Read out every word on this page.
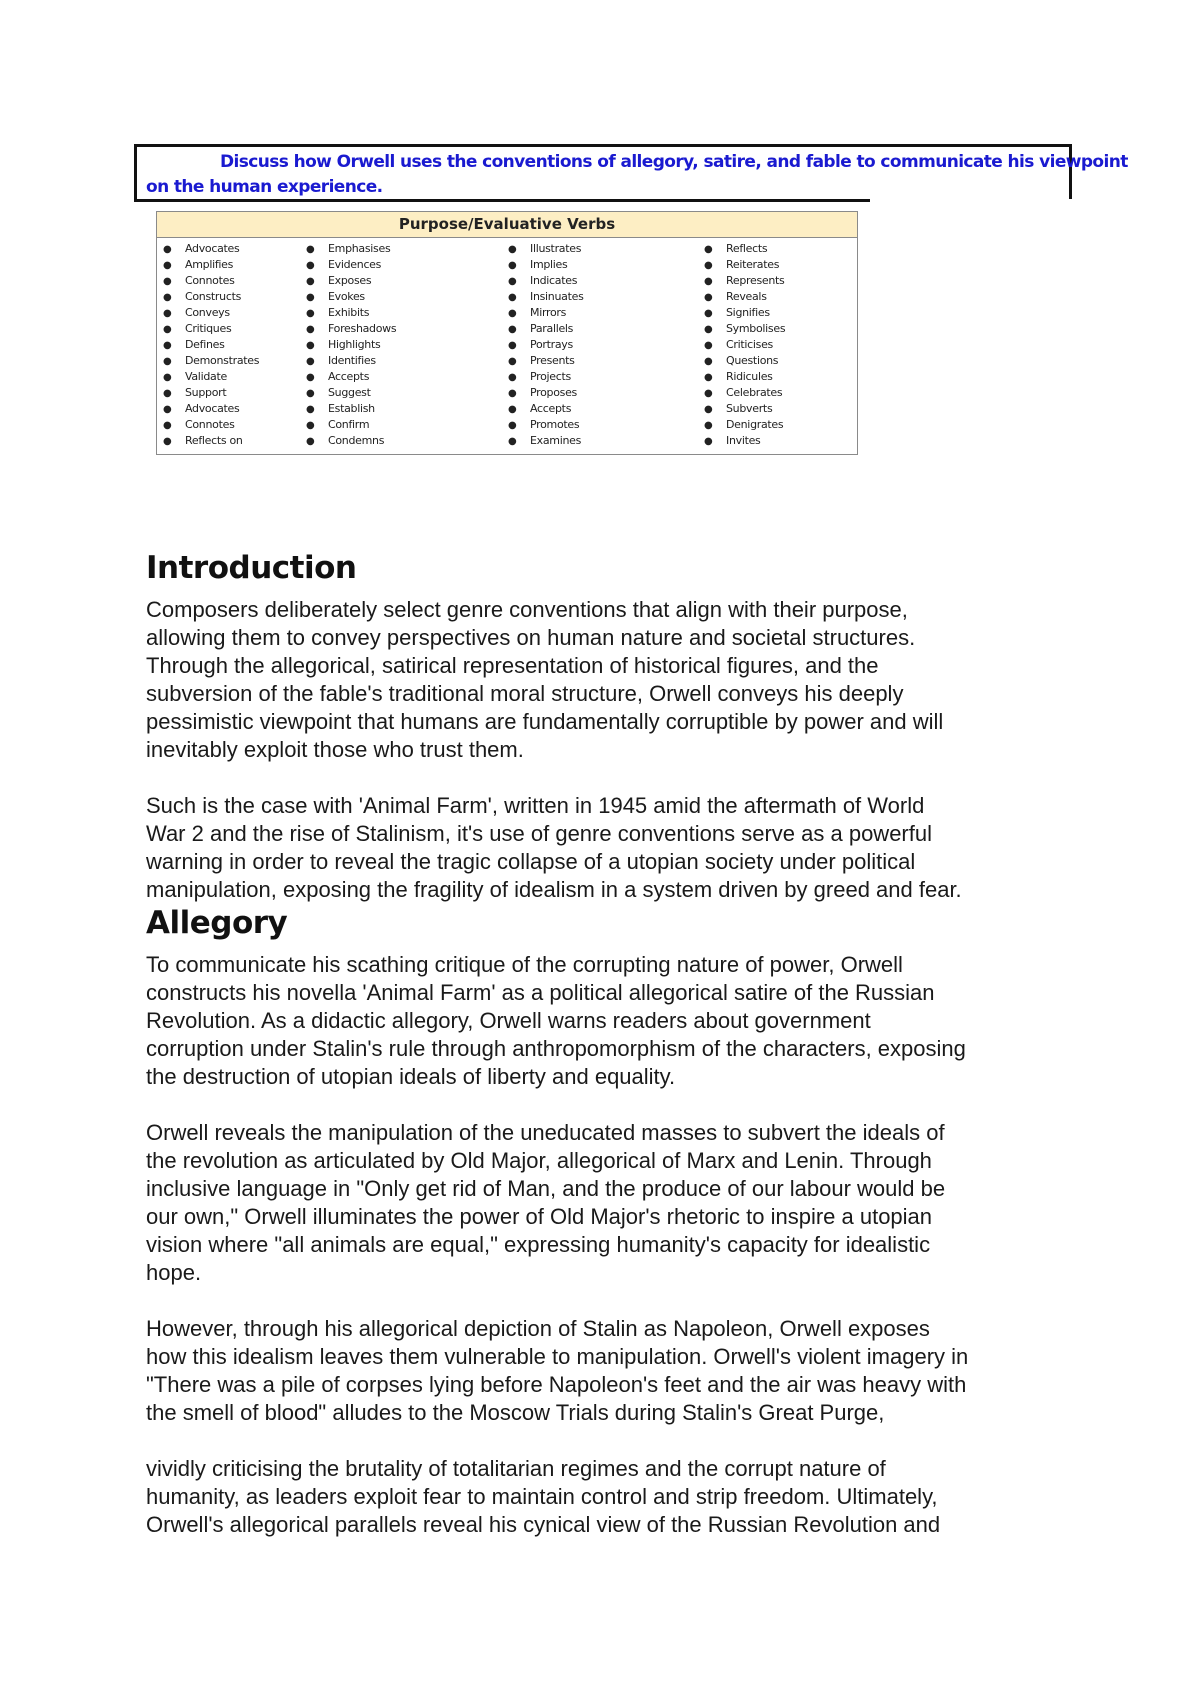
Discuss how Orwell uses the conventions of allegory, satire, and fable to communicate his viewpoint
on the human experience.
Purpose/Evaluative Verbs
● Advocates
● Amplifies
● Connotes
● Constructs
● Conveys
● Critiques
● Defines
● Demonstrates
● Validate
● Support
● Advocates
● Connotes
● Reflects on
● Emphasises
● Evidences
● Exposes
● Evokes
● Exhibits
● Foreshadows
● Highlights
● Identifies
● Accepts
● Suggest
● Establish
● Confirm
● Condemns
● Illustrates
● Implies
● Indicates
● Insinuates
● Mirrors
● Parallels
● Portrays
● Presents
● Projects
● Proposes
● Accepts
● Promotes
● Examines
● Reflects
● Reiterates
● Represents
● Reveals
● Signifies
● Symbolises
● Criticises
● Questions
● Ridicules
● Celebrates
● Subverts
● Denigrates
● Invites
Introduction
Composers deliberately select genre conventions that align with their purpose,
allowing them to convey perspectives on human nature and societal structures.
Through the allegorical, satirical representation of historical figures, and the
subversion of the fable's traditional moral structure, Orwell conveys his deeply
pessimistic viewpoint that humans are fundamentally corruptible by power and will
inevitably exploit those who trust them.
Such is the case with 'Animal Farm', written in 1945 amid the aftermath of World
War 2 and the rise of Stalinism, it's use of genre conventions serve as a powerful
warning in order to reveal the tragic collapse of a utopian society under political
manipulation, exposing the fragility of idealism in a system driven by greed and fear.
Allegory
To communicate his scathing critique of the corrupting nature of power, Orwell
constructs his novella 'Animal Farm' as a political allegorical satire of the Russian
Revolution. As a didactic allegory, Orwell warns readers about government
corruption under Stalin's rule through anthropomorphism of the characters, exposing
the destruction of utopian ideals of liberty and equality.
Orwell reveals the manipulation of the uneducated masses to subvert the ideals of
the revolution as articulated by Old Major, allegorical of Marx and Lenin. Through
inclusive language in "Only get rid of Man, and the produce of our labour would be
our own," Orwell illuminates the power of Old Major's rhetoric to inspire a utopian
vision where "all animals are equal," expressing humanity's capacity for idealistic
hope.
However, through his allegorical depiction of Stalin as Napoleon, Orwell exposes
how this idealism leaves them vulnerable to manipulation. Orwell's violent imagery in
"There was a pile of corpses lying before Napoleon's feet and the air was heavy with
the smell of blood" alludes to the Moscow Trials during Stalin's Great Purge,
vividly criticising the brutality of totalitarian regimes and the corrupt nature of
humanity, as leaders exploit fear to maintain control and strip freedom. Ultimately,
Orwell's allegorical parallels reveal his cynical view of the Russian Revolution and
